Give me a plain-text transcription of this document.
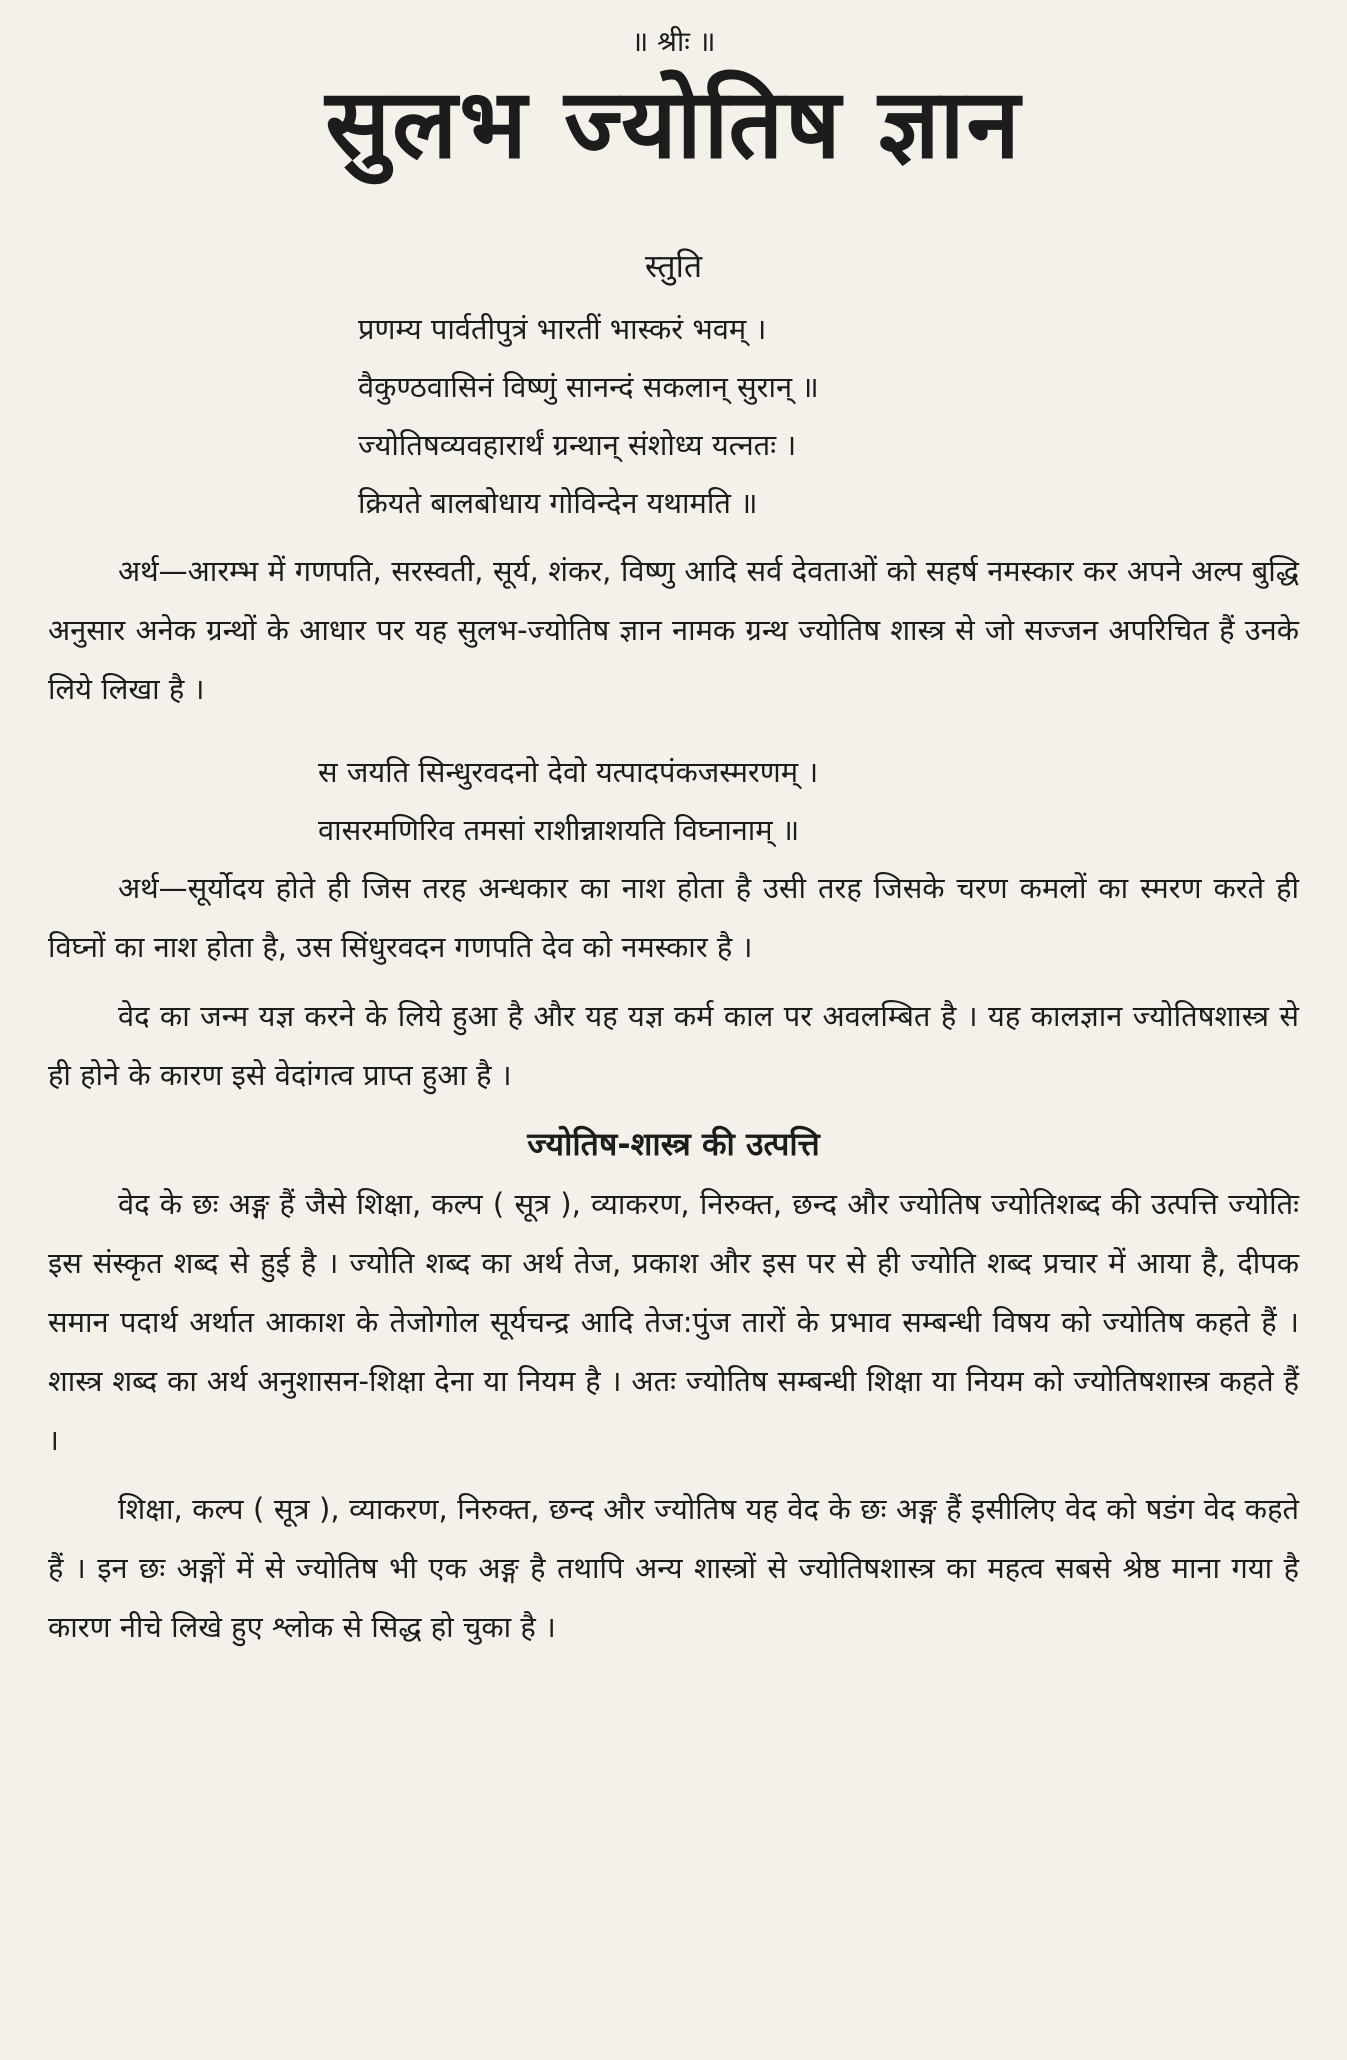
॥ श्रीः ॥
सुलभ ज्योतिष ज्ञान
स्तुति
प्रणम्य पार्वतीपुत्रं भारतीं भास्करं भवम् ।
वैकुण्ठवासिनं विष्णुं सानन्दं सकलान् सुरान् ॥
ज्योतिषव्यवहारार्थं ग्रन्थान् संशोध्य यत्नतः ।
क्रियते बालबोधाय गोविन्देन यथामति ॥

अर्थ—आरम्भ में गणपति, सरस्वती, सूर्य, शंकर, विष्णु आदि सर्व देवताओं को सहर्ष नमस्कार कर अपने अल्प बुद्धि अनुसार अनेक ग्रन्थों के आधार पर यह सुलभ-ज्योतिष ज्ञान नामक ग्रन्थ ज्योतिष शास्त्र से जो सज्जन अपरिचित हैं उनके लिये लिखा है ।

स जयति सिन्धुरवदनो देवो यत्पादपंकजस्मरणम् ।
वासरमणिरिव तमसां राशीन्नाशयति विघ्नानाम् ॥

अर्थ—सूर्योदय होते ही जिस तरह अन्धकार का नाश होता है उसी तरह जिसके चरण कमलों का स्मरण करते ही विघ्नों का नाश होता है, उस सिंधुरवदन गणपति देव को नमस्कार है ।

वेद का जन्म यज्ञ करने के लिये हुआ है और यह यज्ञ कर्म काल पर अवलम्बित है । यह कालज्ञान ज्योतिषशास्त्र से ही होने के कारण इसे वेदांगत्व प्राप्त हुआ है ।

ज्योतिष-शास्त्र की उत्पत्ति

वेद के छः अङ्ग हैं जैसे शिक्षा, कल्प ( सूत्र ), व्याकरण, निरुक्त, छन्द और ज्योतिष ज्योतिशब्द की उत्पत्ति ज्योतिः इस संस्कृत शब्द से हुई है । ज्योति शब्द का अर्थ तेज, प्रकाश और इस पर से ही ज्योति शब्द प्रचार में आया है, दीपक समान पदार्थ अर्थात आकाश के तेजोगोल सूर्यचन्द्र आदि तेज:पुंज तारों के प्रभाव सम्बन्धी विषय को ज्योतिष कहते हैं । शास्त्र शब्द का अर्थ अनुशासन-शिक्षा देना या नियम है । अतः ज्योतिष सम्बन्धी शिक्षा या नियम को ज्योतिषशास्त्र कहते हैं ।

शिक्षा, कल्प ( सूत्र ), व्याकरण, निरुक्त, छन्द और ज्योतिष यह वेद के छः अङ्ग हैं इसीलिए वेद को षडंग वेद कहते हैं । इन छः अङ्गों में से ज्योतिष भी एक अङ्ग है तथापि अन्य शास्त्रों से ज्योतिषशास्त्र का महत्व सबसे श्रेष्ठ माना गया है कारण नीचे लिखे हुए श्लोक से सिद्ध हो चुका है ।
